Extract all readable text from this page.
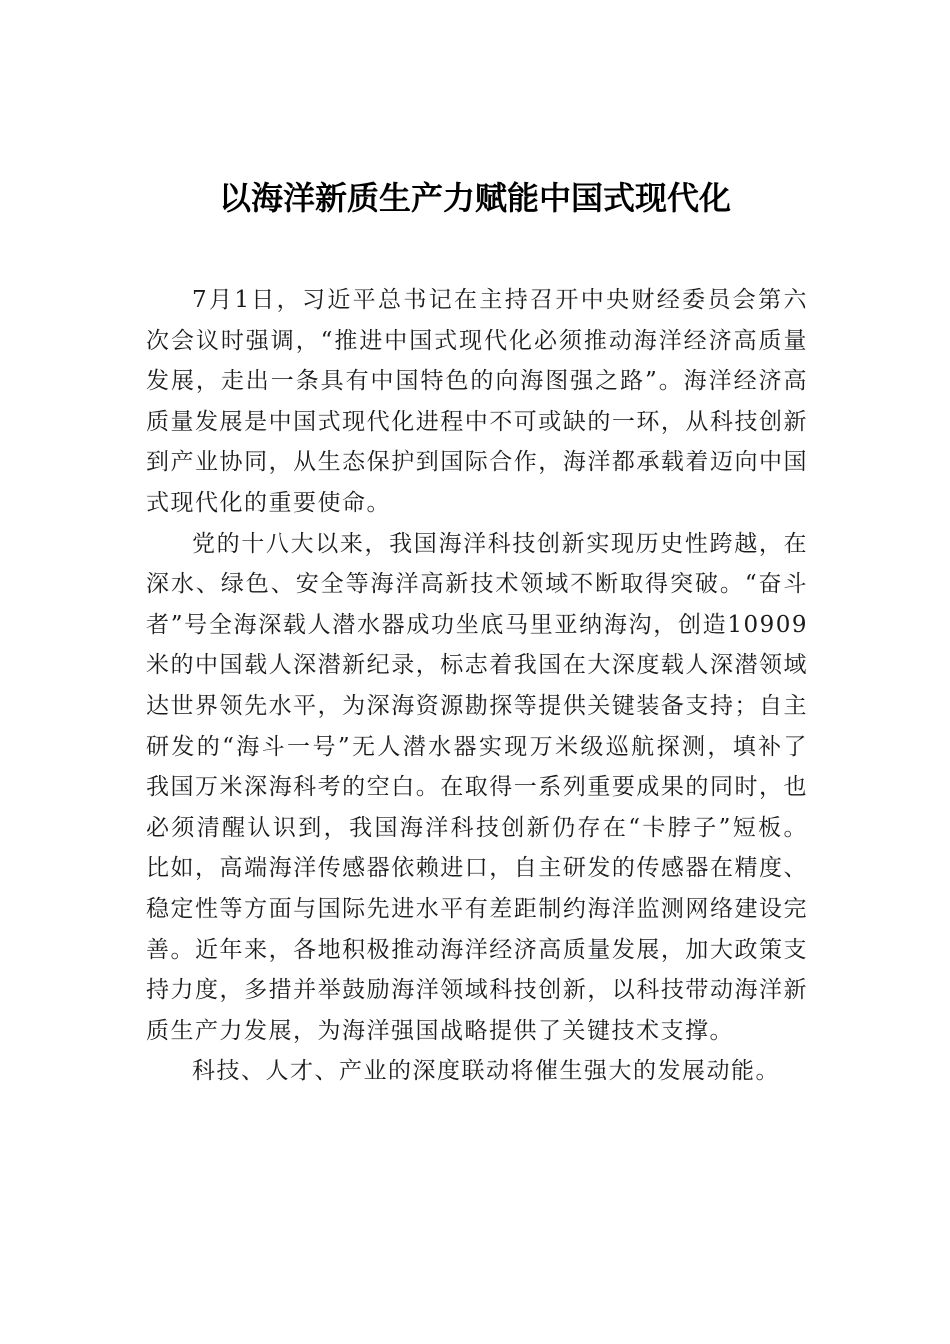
以海洋新质生产力赋能中国式现代化

7月1日，习近平总书记在主持召开中央财经委员会第六次会议时强调，“推进中国式现代化必须推动海洋经济高质量发展，走出一条具有中国特色的向海图强之路”。海洋经济高质量发展是中国式现代化进程中不可或缺的一环，从科技创新到产业协同，从生态保护到国际合作，海洋都承载着迈向中国式现代化的重要使命。

党的十八大以来，我国海洋科技创新实现历史性跨越，在深水、绿色、安全等海洋高新技术领域不断取得突破。“奋斗者”号全海深载人潜水器成功坐底马里亚纳海沟，创造10909米的中国载人深潜新纪录，标志着我国在大深度载人深潜领域达世界领先水平，为深海资源勘探等提供关键装备支持；自主研发的“海斗一号”无人潜水器实现万米级巡航探测，填补了我国万米深海科考的空白。在取得一系列重要成果的同时，也必须清醒认识到，我国海洋科技创新仍存在“卡脖子”短板。比如，高端海洋传感器依赖进口，自主研发的传感器在精度、稳定性等方面与国际先进水平有差距制约海洋监测网络建设完善。近年来，各地积极推动海洋经济高质量发展，加大政策支持力度，多措并举鼓励海洋领域科技创新，以科技带动海洋新质生产力发展，为海洋强国战略提供了关键技术支撑。

科技、人才、产业的深度联动将催生强大的发展动能。
